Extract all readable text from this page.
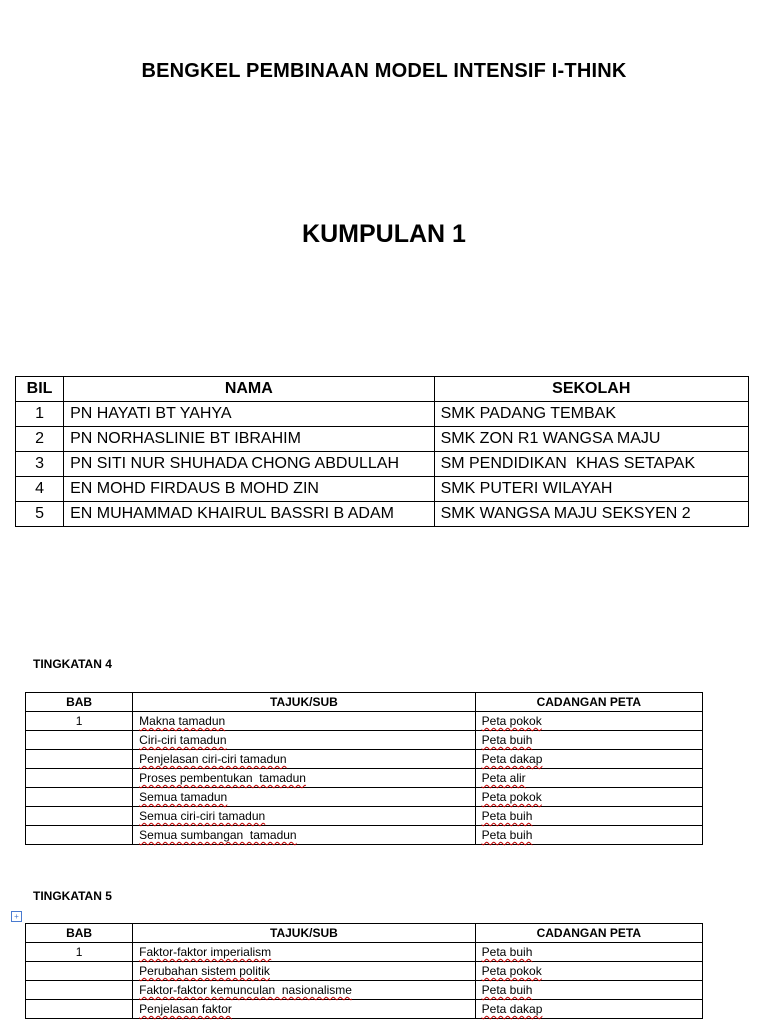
BENGKEL PEMBINAAN MODEL INTENSIF I-THINK
KUMPULAN 1
BIL	NAMA	SEKOLAH
1	PN HAYATI BT YAHYA	SMK PADANG TEMBAK
2	PN NORHASLINIE BT IBRAHIM	SMK ZON R1 WANGSA MAJU
3	PN SITI NUR SHUHADA CHONG ABDULLAH	SM PENDIDIKAN  KHAS SETAPAK
4	EN MOHD FIRDAUS B MOHD ZIN	SMK PUTERI WILAYAH
5	EN MUHAMMAD KHAIRUL BASSRI B ADAM	SMK WANGSA MAJU SEKSYEN 2
TINGKATAN 4
BAB	TAJUK/SUB	CADANGAN PETA
1	Makna tamadun	Peta pokok
	Ciri-ciri tamadun	Peta buih
	Penjelasan ciri-ciri tamadun	Peta dakap
	Proses pembentukan  tamadun	Peta alir
	Semua tamadun	Peta pokok
	Semua ciri-ciri tamadun	Peta buih
	Semua sumbangan  tamadun	Peta buih
TINGKATAN 5
+
BAB	TAJUK/SUB	CADANGAN PETA
1	Faktor-faktor imperialism	Peta buih
	Perubahan sistem politik	Peta pokok
	Faktor-faktor kemunculan  nasionalisme	Peta buih
	Penjelasan faktor	Peta dakap
